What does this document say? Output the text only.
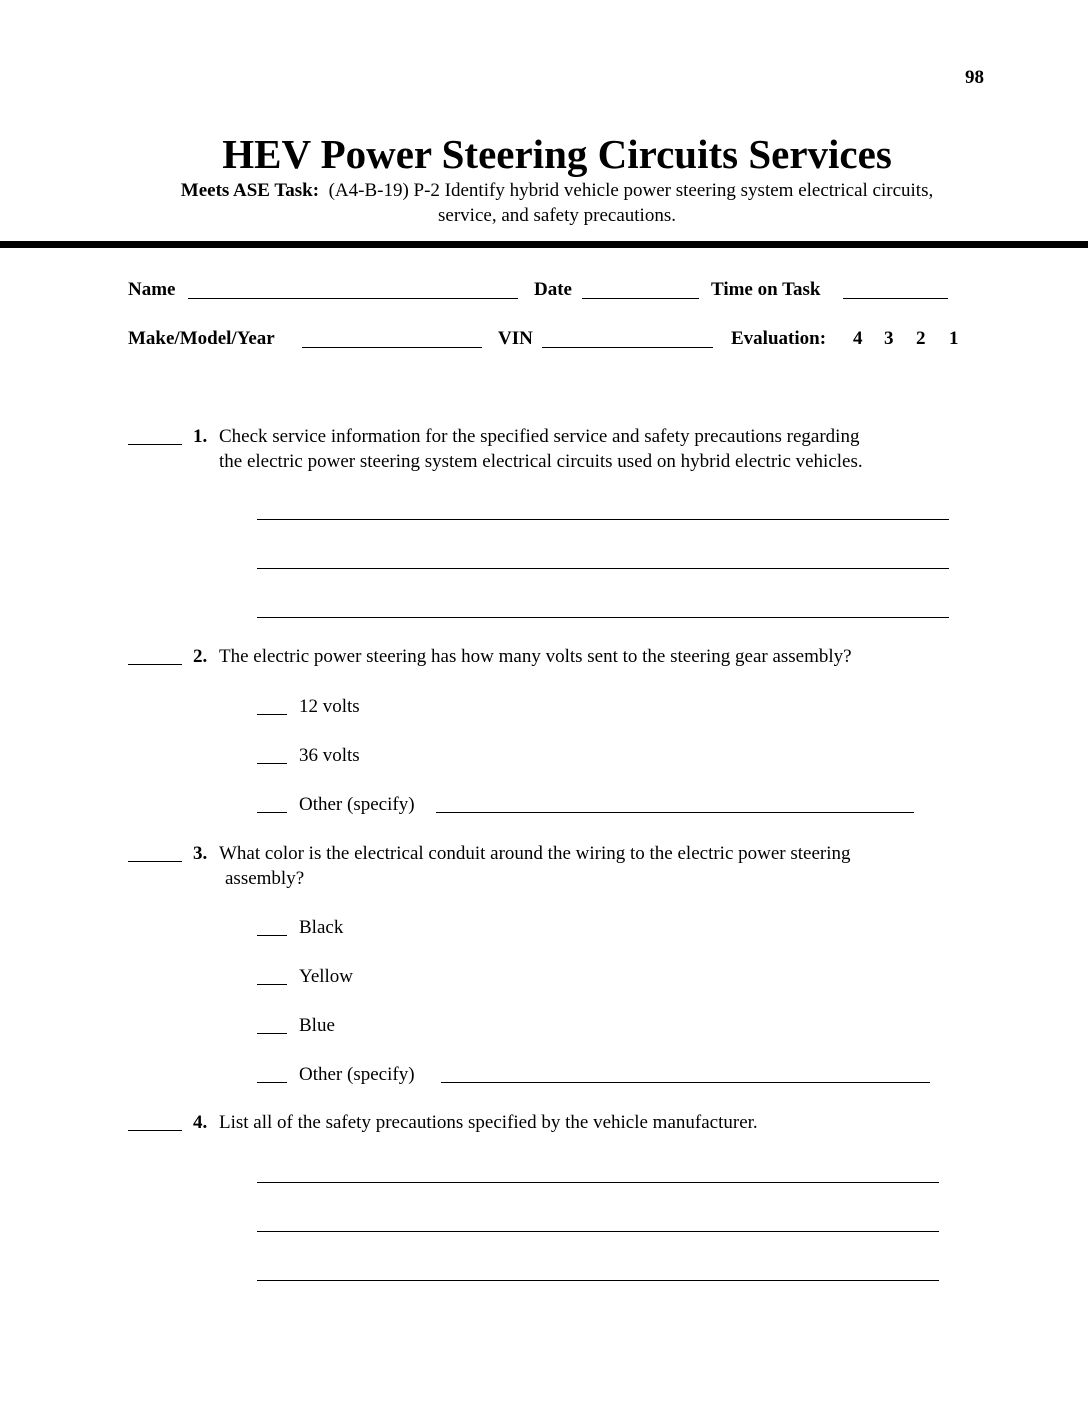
98
HEV Power Steering Circuits Services
Meets ASE Task: (A4-B-19) P-2 Identify hybrid vehicle power steering system electrical circuits,
service, and safety precautions.
Name	Date	Time on Task
Make/Model/Year	VIN	Evaluation: 4 3 2 1
1. Check service information for the specified service and safety precautions regarding
the electric power steering system electrical circuits used on hybrid electric vehicles.
2. The electric power steering has how many volts sent to the steering gear assembly?
12 volts
36 volts
Other (specify)
3. What color is the electrical conduit around the wiring to the electric power steering
assembly?
Black
Yellow
Blue
Other (specify)
4. List all of the safety precautions specified by the vehicle manufacturer.
